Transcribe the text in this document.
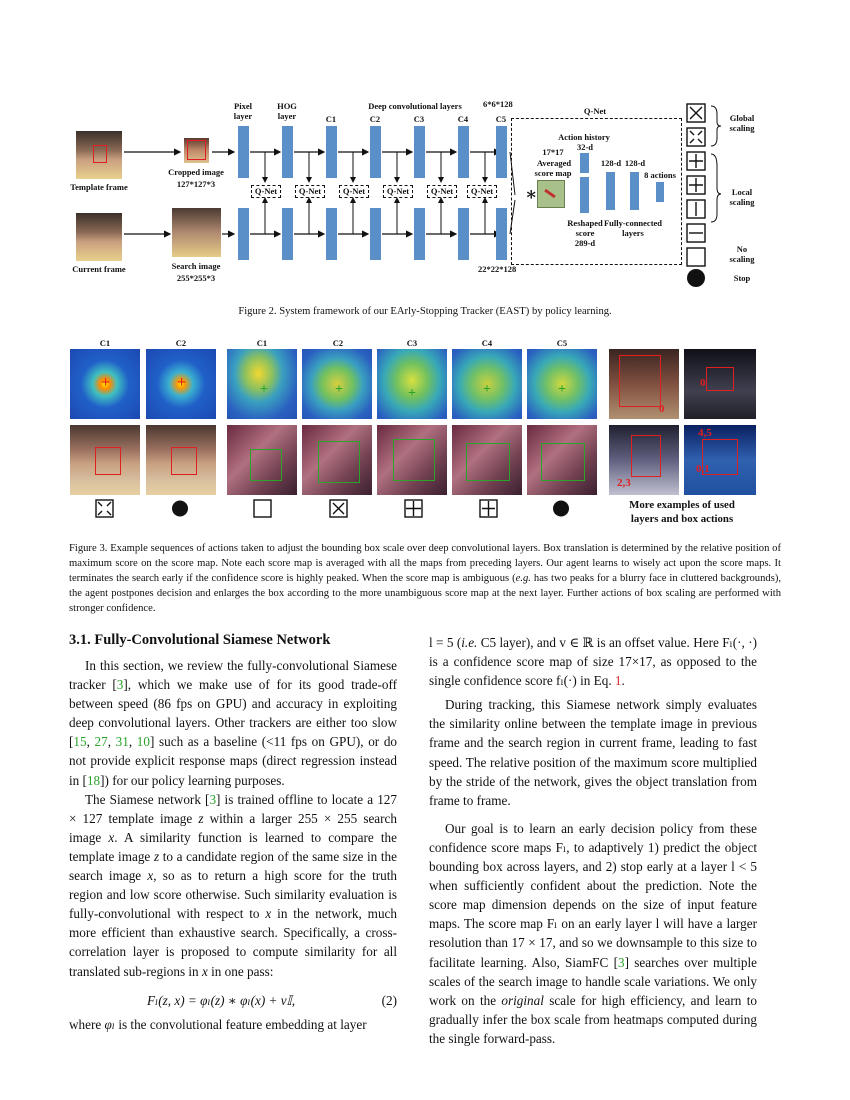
Template frame
Current frame
Cropped image
127*127*3
Search image
255*255*3
Pixel
layer
HOG
layer	C1	C2	C3	C4	C5
Deep convolutional layers	6*6*128
22*22*128
Q-Net	Q-Net	Q-Net	Q-Net	Q-Net	Q-Net
Q-Net
∗
17*17
Averaged
score map
Action history
32-d
Reshaped
score
289-d
128-d 128-d
8 actions
Fully-connected
layers
Global
scaling
Local
scaling
No
scaling
Stop
Figure 2. System framework of our EArly-Stopping Tracker (EAST) by policy learning.
C1	C2	C1	C2	C3	C4	C5
+	+	+	+	+	+	+
0
0
2,3
4,5
0,1
More examples of used
layers and box actions
Figure 3. Example sequences of actions taken to adjust the bounding box scale over deep convolutional layers. Box translation is determined by the relative position of maximum score on the score map. Note each score map is averaged with all the maps from preceding layers. Our agent learns to wisely act upon the score maps. It terminates the search early if the confidence score is highly peaked. When the score map is ambiguous (e.g. has two peaks for a blurry face in cluttered backgrounds), the agent postpones decision and enlarges the box according to the more unambiguous score map at the next layer. Further actions of box scaling are performed with stronger confidence.
3.1. Fully-Convolutional Siamese Network

In this section, we review the fully-convolutional Siamese tracker [3], which we make use of for its good trade-off between speed (86 fps on GPU) and accuracy in exploiting deep convolutional layers. Other trackers are either too slow [15, 27, 31, 10] such as a baseline (<11 fps on GPU), or do not provide explicit response maps (direct regression instead in [18]) for our policy learning purposes.

The Siamese network [3] is trained offline to locate a 127 × 127 template image z within a larger 255 × 255 search image x. A similarity function is learned to compare the template image z to a candidate region of the same size in the search image x, so as to return a high score for the truth region and low score otherwise. Such similarity evaluation is fully-convolutional with respect to x in the network, much more efficient than exhaustive search. Specifically, a cross-correlation layer is proposed to compute similarity for all translated sub-regions in x in one pass:

Fₗ(z, x) = φₗ(z) ∗ φₗ(x) + v𝕀,	(2)

where φₗ is the convolutional feature embedding at layer

l = 5 (i.e. C5 layer), and v ∈ ℝ is an offset value. Here Fₗ(·, ·) is a confidence score map of size 17×17, as opposed to the single confidence score fₗ(·) in Eq. 1.

During tracking, this Siamese network simply evaluates the similarity online between the template image in previous frame and the search region in current frame, leading to fast speed. The relative position of the maximum score multiplied by the stride of the network, gives the object translation from frame to frame.

Our goal is to learn an early decision policy from these confidence score maps Fₗ, to adaptively 1) predict the object bounding box across layers, and 2) stop early at a layer l < 5 when sufficiently confident about the prediction. Note the score map dimension depends on the size of input feature maps. The score map Fₗ on an early layer l will have a larger resolution than 17 × 17, and so we downsample to this size to facilitate learning. Also, SiamFC [3] searches over multiple scales of the search image to handle scale variations. We only work on the original scale for high efficiency, and learn to gradually infer the box scale from heatmaps computed during the single forward-pass.
